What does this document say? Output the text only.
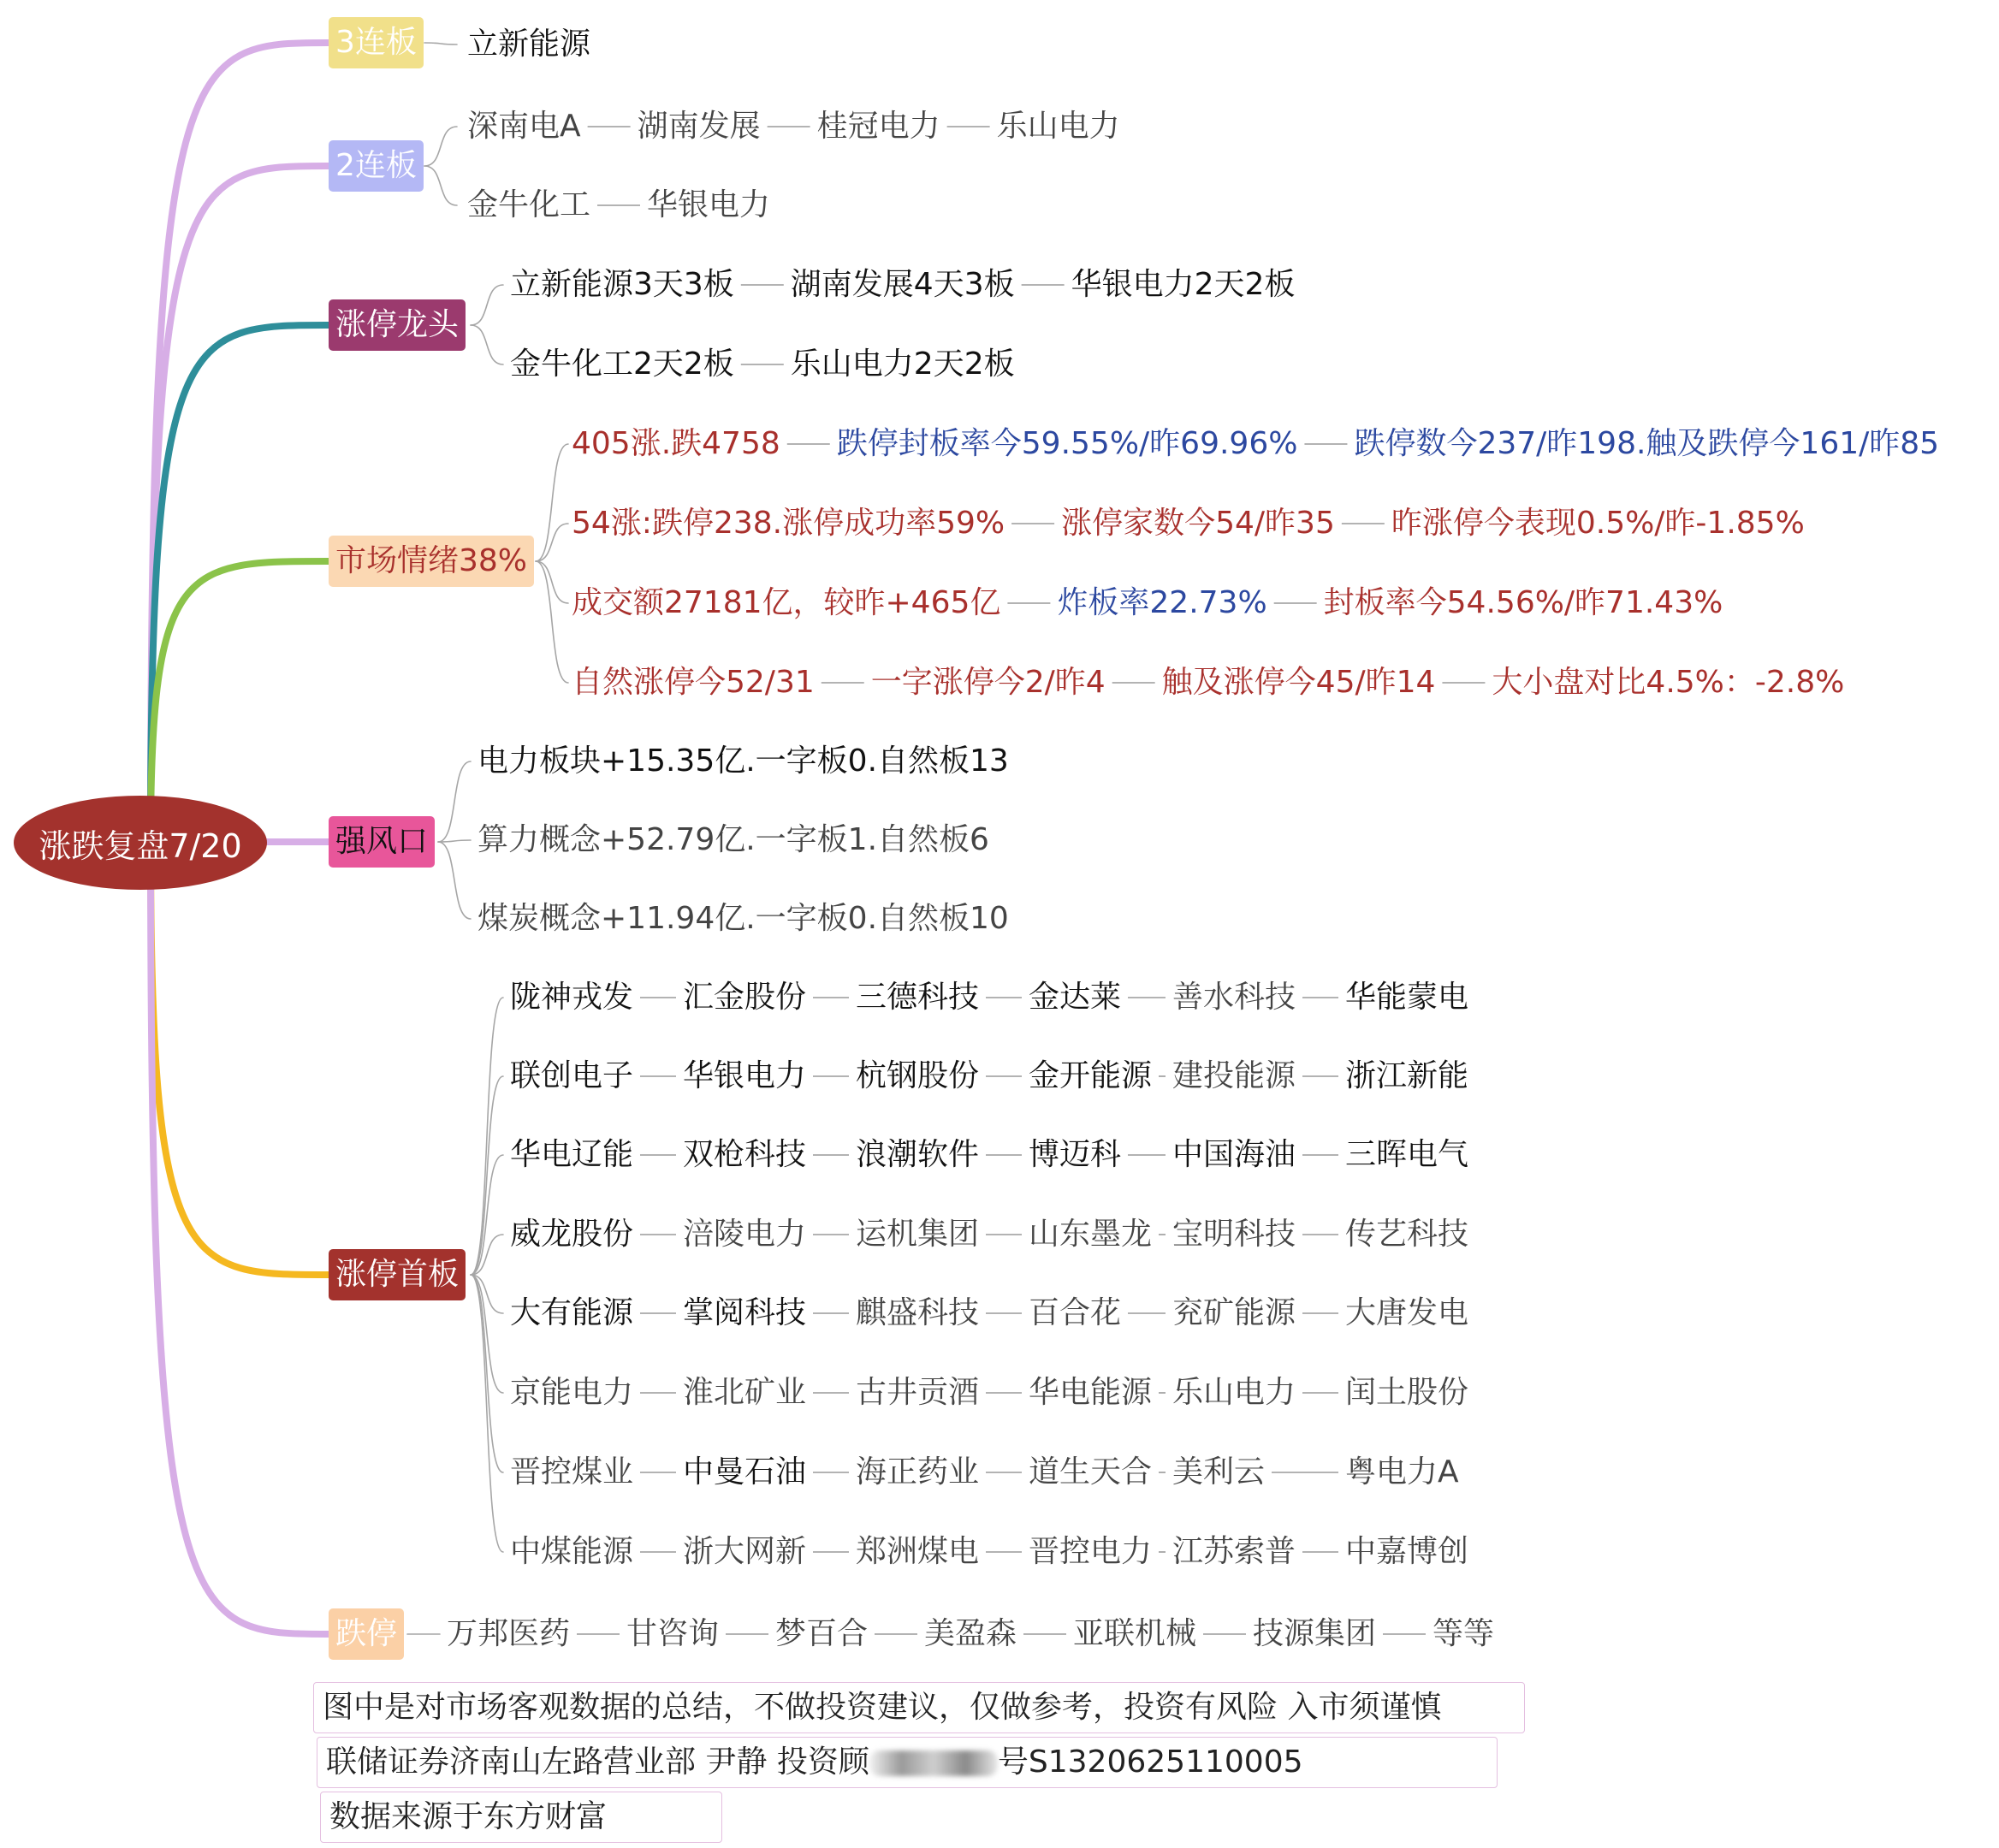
涨跌复盘7/20
3连板 立新能源
2连板
深南电A 湖南发展 桂冠电力 乐山电力
金牛化工 华银电力
涨停龙头
立新能源3天3板 湖南发展4天3板 华银电力2天2板
金牛化工2天2板 乐山电力2天2板
市场情绪38%
405涨.跌4758 跌停封板率今59.55%/昨69.96% 跌停数今237/昨198.触及跌停今161/昨85
54涨:跌停238.涨停成功率59% 涨停家数今54/昨35 昨涨停今表现0.5%/昨-1.85%
成交额27181亿，较昨+465亿 炸板率22.73% 封板率今54.56%/昨71.43%
自然涨停今52/31 一字涨停今2/昨4 触及涨停今45/昨14 大小盘对比4.5%：-2.8%
强风口
电力板块+15.35亿.一字板0.自然板13
算力概念+52.79亿.一字板1.自然板6
煤炭概念+11.94亿.一字板0.自然板10
涨停首板
陇神戎发 汇金股份 三德科技 金达莱 善水科技 华能蒙电
联创电子 华银电力 杭钢股份 金开能源 建投能源 浙江新能
华电辽能 双枪科技 浪潮软件 博迈科 中国海油 三晖电气
威龙股份 涪陵电力 运机集团 山东墨龙 宝明科技 传艺科技
大有能源 掌阅科技 麒盛科技 百合花 兖矿能源 大唐发电
京能电力 淮北矿业 古井贡酒 华电能源 乐山电力 闰土股份
晋控煤业 中曼石油 海正药业 道生天合 美利云	粤电力A
中煤能源 浙大网新 郑洲煤电 晋控电力 江苏索普 中嘉博创
跌停 万邦医药 甘咨询 梦百合 美盈森 亚联机械 技源集团 等等
图中是对市场客观数据的总结，不做投资建议，仅做参考，投资有风险 入市须谨慎
联储证券济南山左路营业部 尹静 投资顾	号S1320625110005
数据来源于东方财富
